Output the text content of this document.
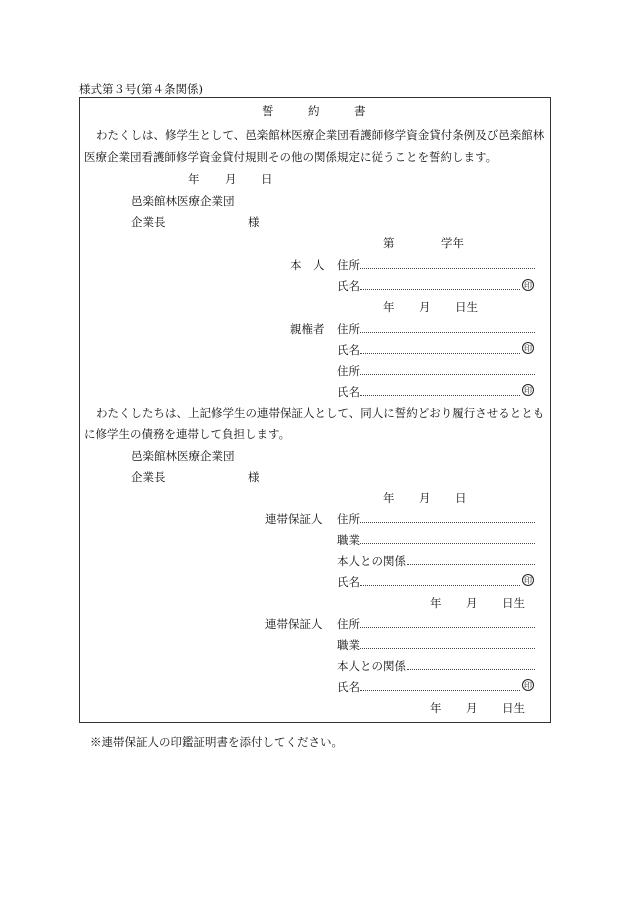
様式第３号(第４条関係)
誓　　　約　　　書
わたくしは、修学生として、邑楽館林医療企業団看護師修学資金貸付条例及び邑楽館林
医療企業団看護師修学資金貸付規則その他の関係規定に従うことを誓約します。
年 月 日
邑楽館林医療企業団
企業長	様
第	学年
本　人 住所
氏名	印
年 月 日生
親権者 住所
氏名	印
住所
氏名	印
わたくしたちは、上記修学生の連帯保証人として、同人に誓約どおり履行させるととも
に修学生の債務を連帯して負担します。
邑楽館林医療企業団
企業長	様
年 月 日
連帯保証人 住所
職業
本人との関係
氏名	印
年 月 日生
連帯保証人 住所
職業
本人との関係
氏名	印
年 月 日生
※連帯保証人の印鑑証明書を添付してください。
